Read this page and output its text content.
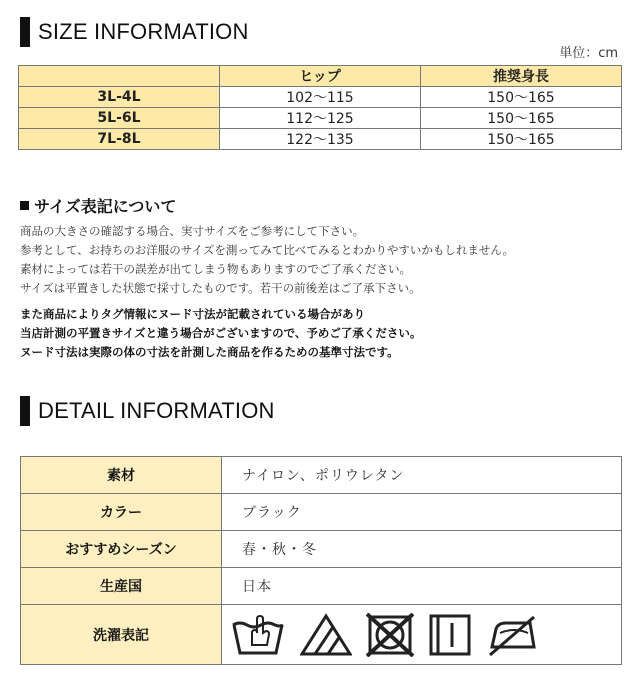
SIZE INFORMATION
単位：cm
	ヒップ	推奨身長
3L-4L	102～115	150～165
5L-6L	112～125	150～165
7L-8L	122～135	150～165
サイズ表記について
商品の大きさの確認する場合、実寸サイズをご参考にして下さい。
参考として、お持ちのお洋服のサイズを測ってみて比べてみるとわかりやすいかもしれません。
素材によっては若干の誤差が出てしまう物もありますのでご了承ください。
サイズは平置きした状態で採寸したものです。若干の前後差はご了承下さい。
また商品によりタグ情報にヌード寸法が記載されている場合があり
当店計測の平置きサイズと違う場合がございますので、予めご了承ください。
ヌード寸法は実際の体の寸法を計測した商品を作るための基準寸法です。
DETAIL INFORMATION
素材	ナイロン、ポリウレタン
カラー	ブラック
おすすめシーズン	春・秋・冬
生産国	日本
洗濯表記	
